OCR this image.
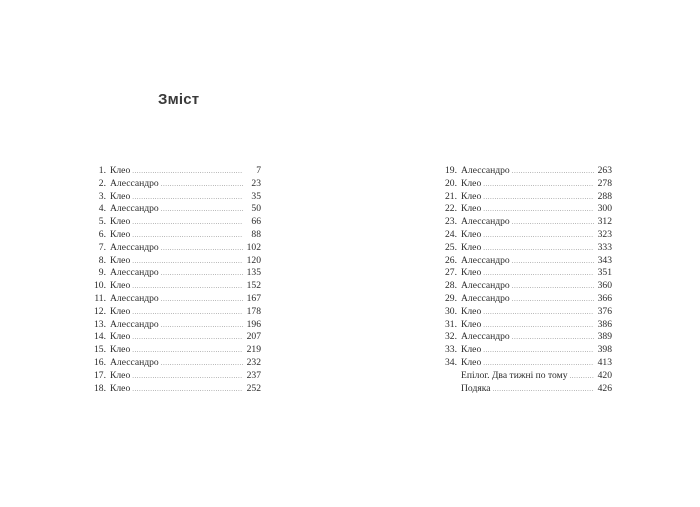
Зміст
1. Клео .....	7
2. Алессандро .....	23
3. Клео .....	35
4. Алессандро .....	50
5. Клео .....	66
6. Клео .....	88
7. Алессандро .....	102
8. Клео .....	120
9. Алессандро .....	135
10. Клео .....	152
11. Алессандро .....	167
12. Клео .....	178
13. Алессандро .....	196
14. Клео .....	207
15. Клео .....	219
16. Алессандро .....	232
17. Клео .....	237
18. Клео .....	252
19. Алессандро .....	263
20. Клео .....	278
21. Клео .....	288
22. Клео .....	300
23. Алессандро .....	312
24. Клео .....	323
25. Клео .....	333
26. Алессандро .....	343
27. Клео .....	351
28. Алессандро .....	360
29. Алессандро .....	366
30. Клео .....	376
31. Клео .....	386
32. Алессандро .....	389
33. Клео .....	398
34. Клео .....	413
Епілог. Два тижні по тому .....	420
Подяка .....	426
